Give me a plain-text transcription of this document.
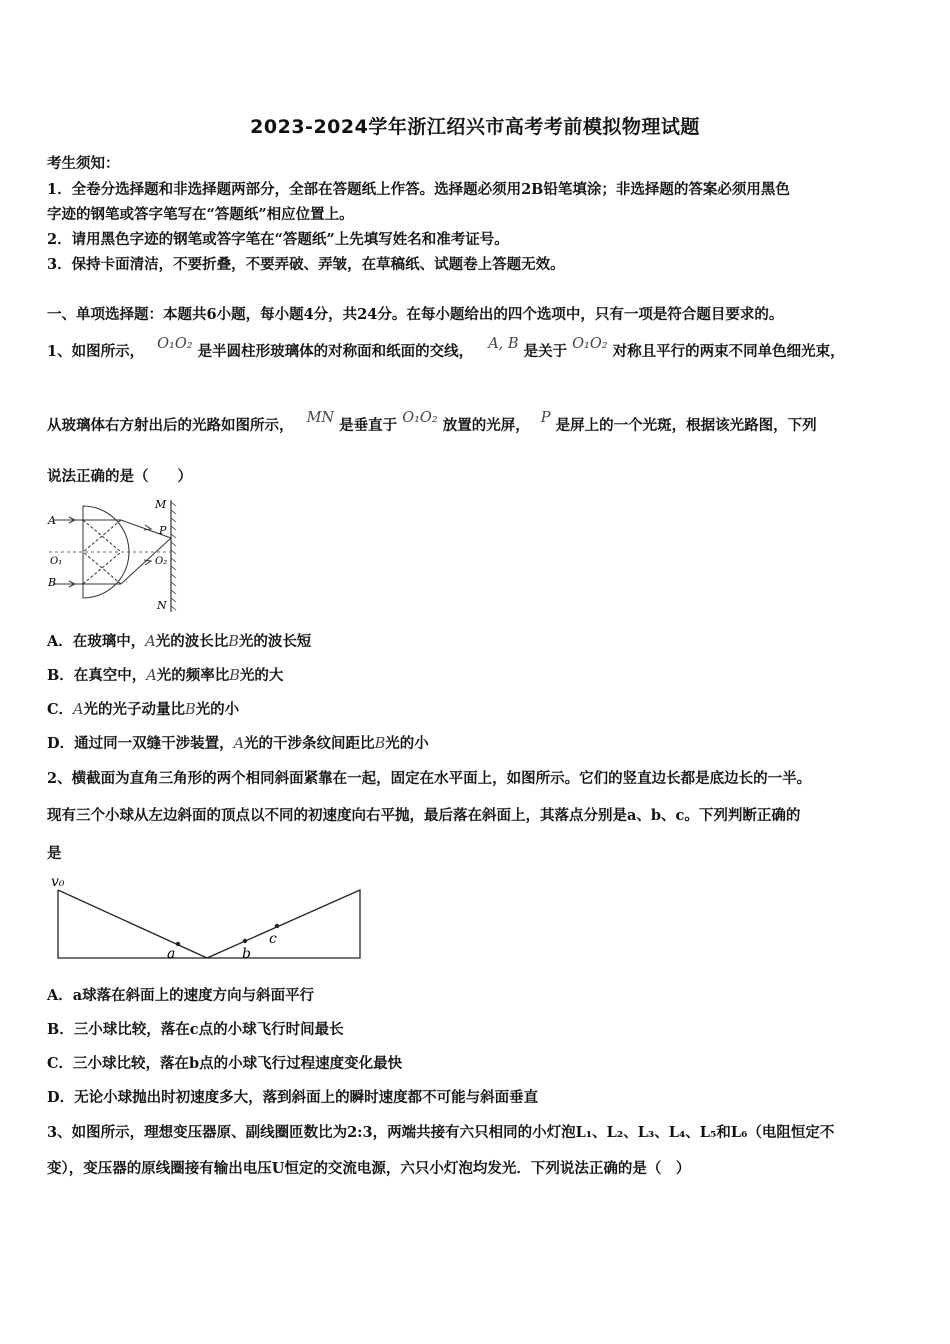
2023-2024学年浙江绍兴市高考考前模拟物理试题
考生须知：
1．全卷分选择题和非选择题两部分，全部在答题纸上作答。选择题必须用2B铅笔填涂；非选择题的答案必须用黑色
字迹的钢笔或答字笔写在“答题纸”相应位置上。
2．请用黑色字迹的钢笔或答字笔在“答题纸”上先填写姓名和准考证号。
3．保持卡面清洁，不要折叠，不要弄破、弄皱，在草稿纸、试题卷上答题无效。
一、单项选择题：本题共6小题，每小题4分，共24分。在每小题给出的四个选项中，只有一项是符合题目要求的。
1、如图所示， O₁O₂ 是半圆柱形玻璃体的对称面和纸面的交线， A, B 是关于 O₁O₂ 对称且平行的两束不同单色细光束，
从玻璃体右方射出后的光路如图所示， MN 是垂直于 O₁O₂ 放置的光屏， P 是屏上的一个光斑，根据该光路图，下列
说法正确的是（　　）
A
B
O₁
M
N
P
O₂
A．在玻璃中，A光的波长比B光的波长短
B．在真空中，A光的频率比B光的大
C．A光的光子动量比B光的小
D．通过同一双缝干涉装置，A光的干涉条纹间距比B光的小
2、横截面为直角三角形的两个相同斜面紧靠在一起，固定在水平面上，如图所示。它们的竖直边长都是底边长的一半。
现有三个小球从左边斜面的顶点以不同的初速度向右平抛，最后落在斜面上，其落点分别是a、b、c。下列判断正确的
是
v₀
a	b
c
A．a球落在斜面上的速度方向与斜面平行
B．三小球比较，落在c点的小球飞行时间最长
C．三小球比较，落在b点的小球飞行过程速度变化最快
D．无论小球抛出时初速度多大，落到斜面上的瞬时速度都不可能与斜面垂直
3、如图所示，理想变压器原、副线圈匝数比为2:3，两端共接有六只相同的小灯泡L₁、L₂、L₃、L₄、L₅和L₆（电阻恒定不
变），变压器的原线圈接有输出电压U恒定的交流电源，六只小灯泡均发光．下列说法正确的是（　）
